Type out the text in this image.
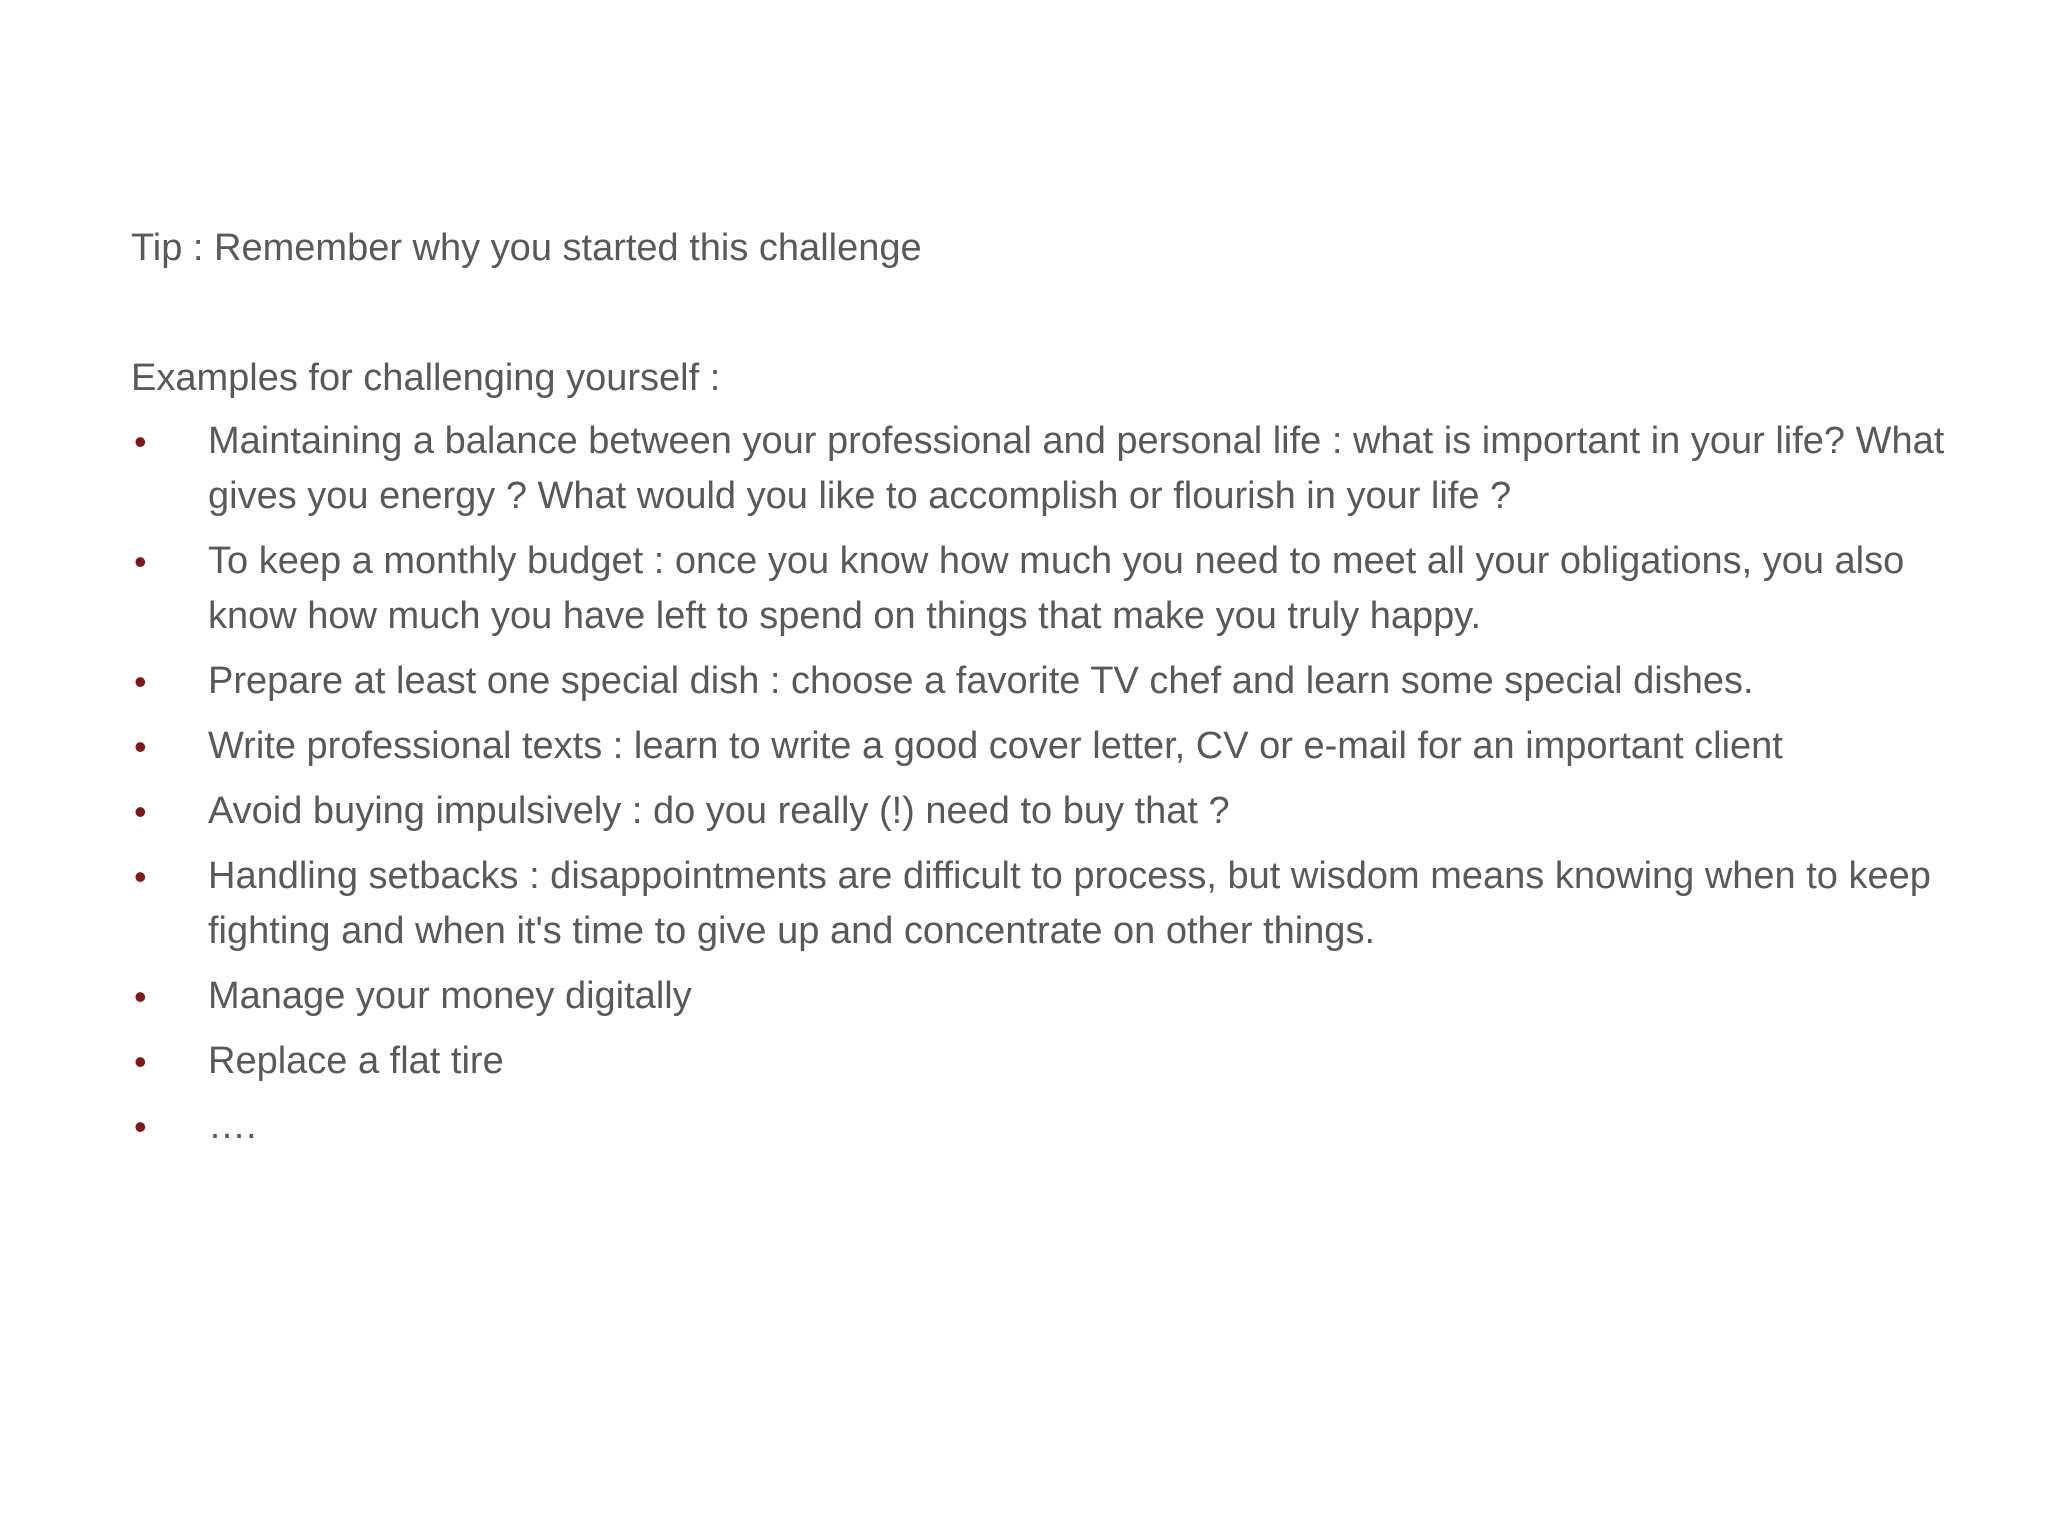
Tip : Remember why you started this challenge

Examples for challenging yourself :

•	Maintaining a balance between your professional and personal life : what is important in your life? What gives you energy ? What would you like to accomplish or flourish in your life ?
•	To keep a monthly budget : once you know how much you need to meet all your obligations, you also know how much you have left to spend on things that make you truly happy.
•	Prepare at least one special dish : choose a favorite TV chef and learn some special dishes.
•	Write professional texts : learn to write a good cover letter, CV or e-mail for an important client
•	Avoid buying impulsively : do you really (!) need to buy that ?
•	Handling setbacks : disappointments are difficult to process, but wisdom means knowing when to keep fighting and when it's time to give up and concentrate on other things.
•	Manage your money digitally
•	Replace a flat tire
•	….
